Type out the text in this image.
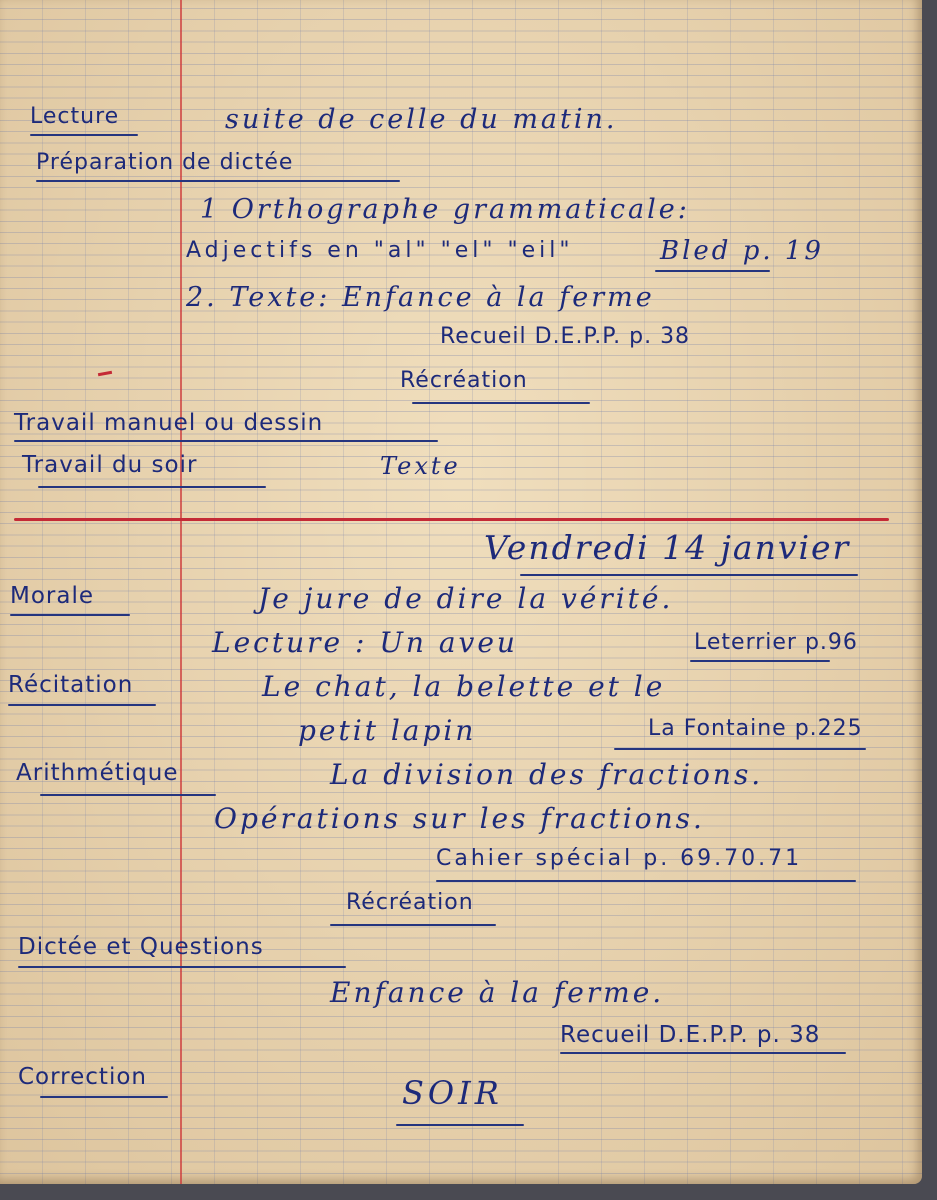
Lecture	suite de celle du matin.
Préparation de dictée
1 Orthographe grammaticale:
Adjectifs en "al" "el" "eil"	Bled p. 19
2. Texte: Enfance à la ferme
Recueil D.E.P.P. p. 38
Récréation
Travail manuel ou dessin
Travail du soir	Texte
Vendredi 14 janvier
Morale	Je jure de dire la vérité.
Lecture : Un aveu	Leterrier p.96
Récitation	Le chat, la belette et le
petit lapin	La Fontaine p.225
Arithmétique	La division des fractions.
Opérations sur les fractions.
Cahier spécial p. 69.70.71
Récréation
Dictée et Questions
Enfance à la ferme.
Recueil D.E.P.P. p. 38
Correction	SOIR
